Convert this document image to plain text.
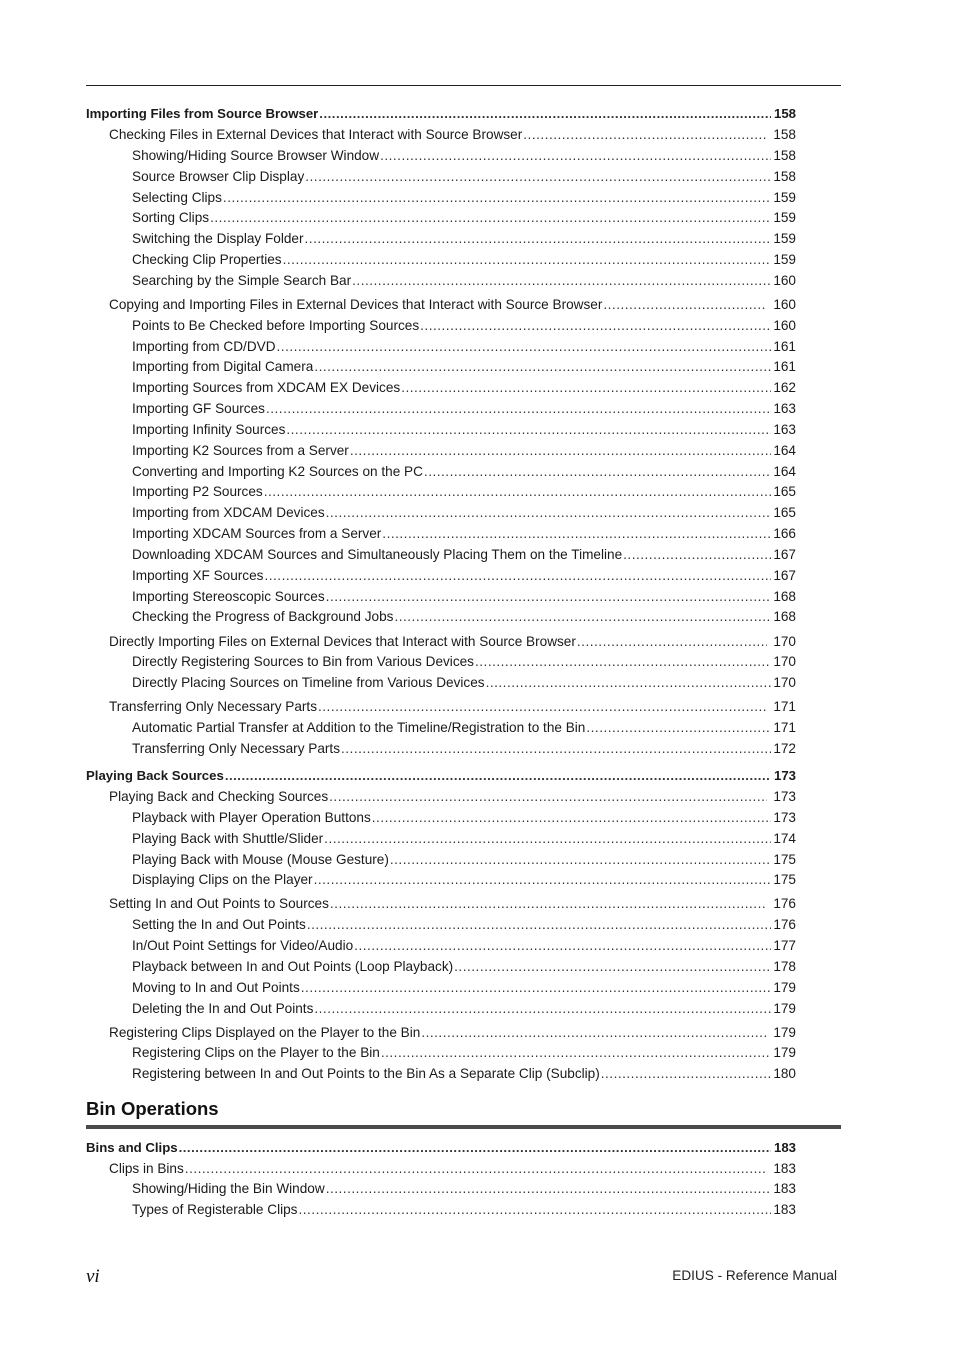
Importing Files from Source Browser .....	158
Checking Files in External Devices that Interact with Source Browser .....	158
Showing/Hiding Source Browser Window .....	158
Source Browser Clip Display .....	158
Selecting Clips .....	159
Sorting Clips .....	159
Switching the Display Folder .....	159
Checking Clip Properties .....	159
Searching by the Simple Search Bar .....	160
Copying and Importing Files in External Devices that Interact with Source Browser .....	160
Points to Be Checked before Importing Sources .....	160
Importing from CD/DVD .....	161
Importing from Digital Camera .....	161
Importing Sources from XDCAM EX Devices .....	162
Importing GF Sources .....	163
Importing Infinity Sources .....	163
Importing K2 Sources from a Server .....	164
Converting and Importing K2 Sources on the PC .....	164
Importing P2 Sources .....	165
Importing from XDCAM Devices .....	165
Importing XDCAM Sources from a Server .....	166
Downloading XDCAM Sources and Simultaneously Placing Them on the Timeline .....	167
Importing XF Sources .....	167
Importing Stereoscopic Sources .....	168
Checking the Progress of Background Jobs .....	168
Directly Importing Files on External Devices that Interact with Source Browser .....	170
Directly Registering Sources to Bin from Various Devices .....	170
Directly Placing Sources on Timeline from Various Devices .....	170
Transferring Only Necessary Parts .....	171
Automatic Partial Transfer at Addition to the Timeline/Registration to the Bin .....	171
Transferring Only Necessary Parts .....	172
Playing Back Sources .....	173
Playing Back and Checking Sources .....	173
Playback with Player Operation Buttons .....	173
Playing Back with Shuttle/Slider .....	174
Playing Back with Mouse (Mouse Gesture) .....	175
Displaying Clips on the Player .....	175
Setting In and Out Points to Sources .....	176
Setting the In and Out Points .....	176
In/Out Point Settings for Video/Audio .....	177
Playback between In and Out Points (Loop Playback) .....	178
Moving to In and Out Points .....	179
Deleting the In and Out Points .....	179
Registering Clips Displayed on the Player to the Bin .....	179
Registering Clips on the Player to the Bin .....	179
Registering between In and Out Points to the Bin As a Separate Clip (Subclip) .....	180
Bin Operations
Bins and Clips .....	183
Clips in Bins .....	183
Showing/Hiding the Bin Window .....	183
Types of Registerable Clips .....	183
vi	EDIUS - Reference Manual
